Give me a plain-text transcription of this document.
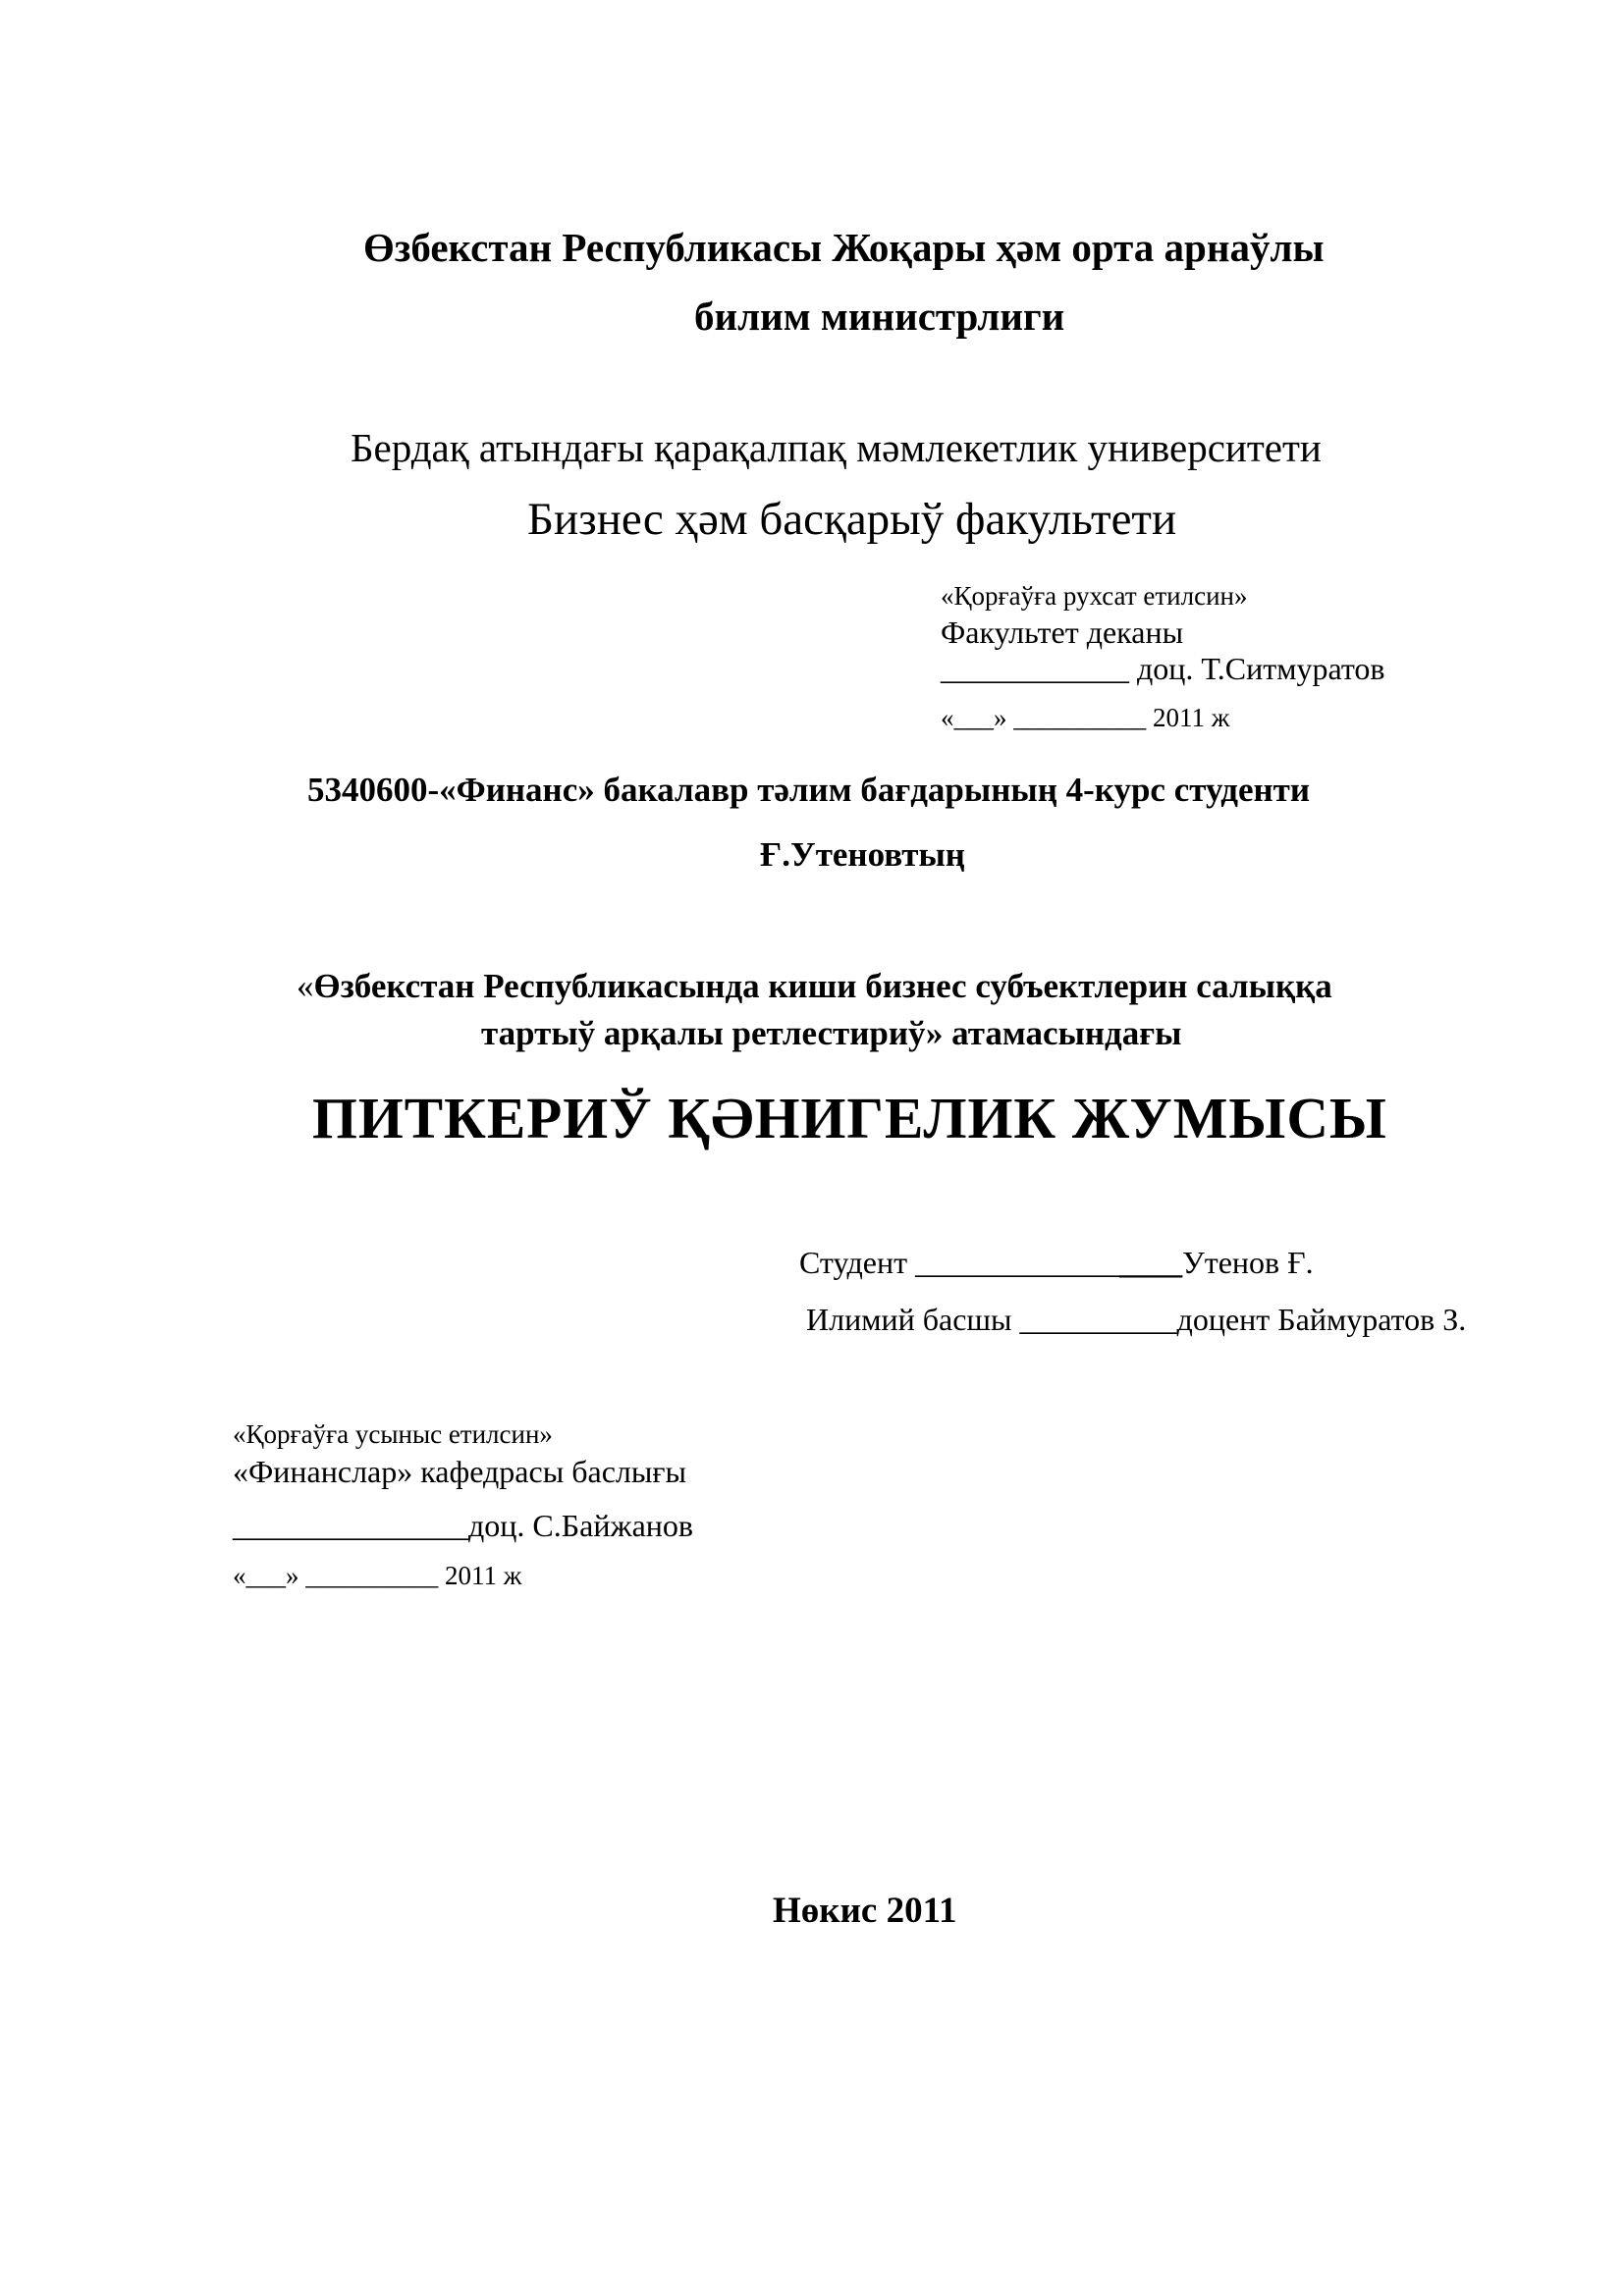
Өзбекстан Республикасы Жоқары ҳәм орта арнаўлы
билим министрлиги
Бердақ атындағы қарақалпақ мәмлекетлик университети
Бизнес ҳәм басқарыў факультети
«Қорғаўға рухсат етилсин»
Факультет деканы
____________ доц. Т.Ситмуратов
«___» __________ 2011 ж
5340600-«Финанс» бакалавр тәлим бағдарының 4-курс студенти
Ғ.Утеновтың
«Өзбекстан Республикасында киши бизнес субъектлерин салыққа
тартыў арқалы ретлестириў» атамасындағы
ПИТКЕРИЎ ҚӘНИГЕЛИК ЖУМЫСЫ
Студент _________________Утенов Ғ.
Илимий басшы __________доцент Баймуратов З.
«Қорғаўға усыныс етилсин»
«Финанслар» кафедрасы баслығы
_______________доц. С.Байжанов
«___» __________ 2011 ж
Нөкис 2011
